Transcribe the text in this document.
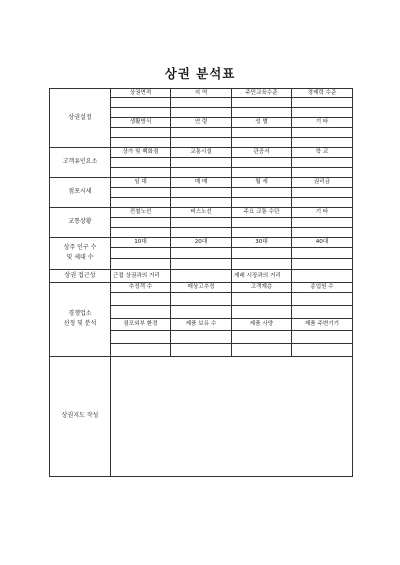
상권 분석표
상권설정	상권면적	지 역	주민교육수준	경제력 수준

	생활방식	연 령	성 별	기 타

고객유인요소	상가 및 백화점	교통시설	관공서	학 교

점포시세	임 대	매 매	월 세	권리금

교통상황	전철노선	버스노선	주요 교통 수단	기 타

상주 인구 수
및 세대 수	10대	20대	30대	40대

상권 접근성	근접 상권과의 거리		재래 시장과의 거리	

경쟁업소
선정 및 분석	추정객 수	매상고추정	고객계층	종업원 수

	점포외부 환경	제품 보유 수	제품 사양	제품 주변기기

상권지도 작성				
